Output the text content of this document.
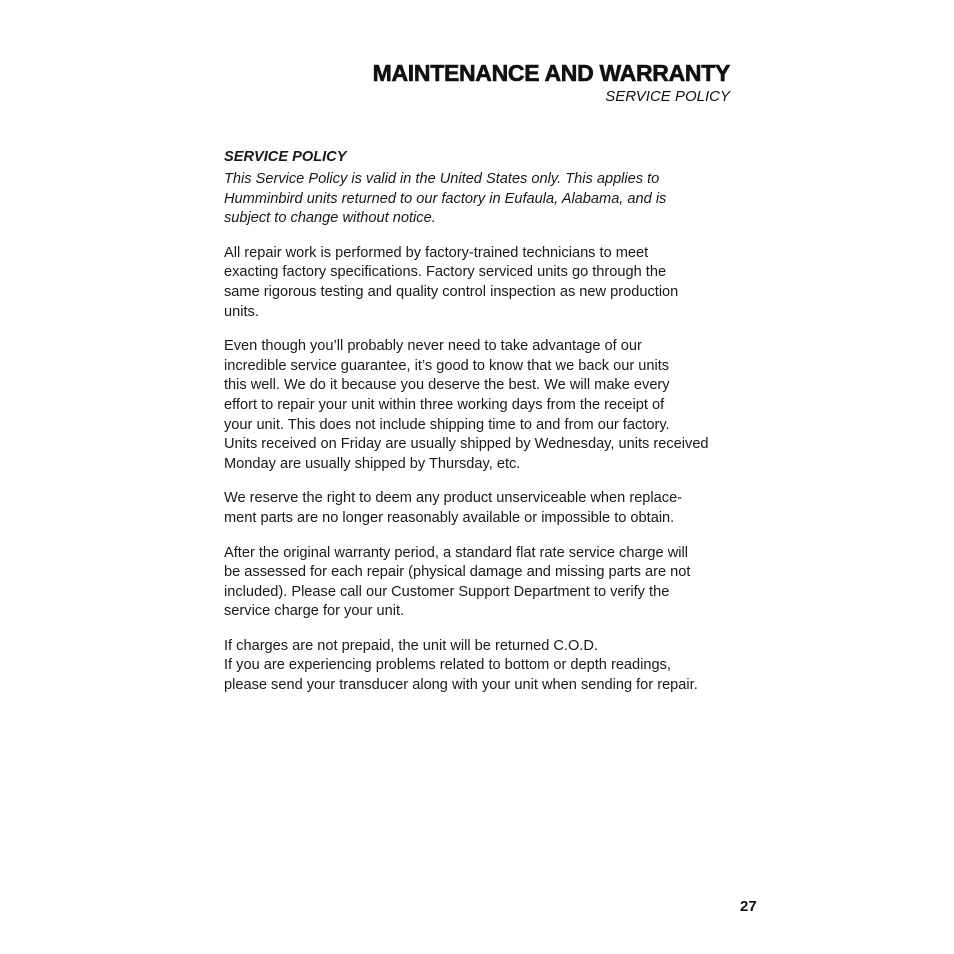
MAINTENANCE AND WARRANTY
SERVICE POLICY
SERVICE POLICY
This Service Policy is valid in the United States only. This applies to
Humminbird units returned to our factory in Eufaula, Alabama, and is
subject to change without notice.
All repair work is performed by factory-trained technicians to meet
exacting factory specifications. Factory serviced units go through the
same rigorous testing and quality control inspection as new production
units.
Even though you’ll probably never need to take advantage of our
incredible service guarantee, it’s good to know that we back our units
this well. We do it because you deserve the best. We will make every
effort to repair your unit within three working days from the receipt of
your unit. This does not include shipping time to and from our factory.
Units received on Friday are usually shipped by Wednesday, units received
Monday are usually shipped by Thursday, etc.
We reserve the right to deem any product unserviceable when replace-
ment parts are no longer reasonably available or impossible to obtain.
After the original warranty period, a standard flat rate service charge will
be assessed for each repair (physical damage and missing parts are not
included). Please call our Customer Support Department to verify the
service charge for your unit.
If charges are not prepaid, the unit will be returned C.O.D.
If you are experiencing problems related to bottom or depth readings,
please send your transducer along with your unit when sending for repair.
27
